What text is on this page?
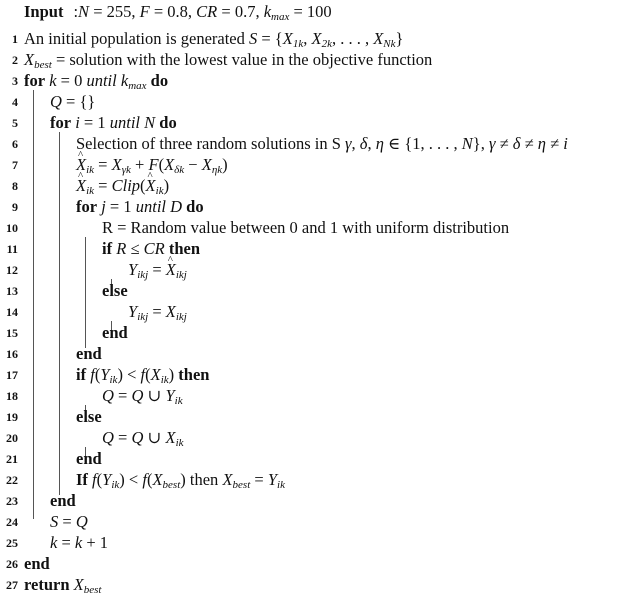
Input :N = 255, F = 0.8, CR = 0.7, $k_{max} = 100$
1 An initial population is generated $S = \{X_{1k}$, $X_{2k}$, . . . , $X_{Nk}$}
2 $X_{best}$ = solution with the lowest value in the objective function
3 for k = 0 until $k_{max}$ do
4 Q = {}
5 for i = 1 until N do
6	Selection of three random solutions in S γ, δ, η ∈ {1, . . . , N}, γ ≠ δ ≠ η ≠ i
7	^ $X_{ik} = X_{\gamma k} + F(X_{\delta k} - X_{\eta k})$
8	^ $X_{ik}$ = Clip(^ $X_{ik}$)
9	for j = 1 until D do
10	R = Random value between 0 and 1 with uniform distribution
11	if R ≤ CR then
12	$Y_{ikj}$ = ^ $X_{ikj}$
13	else
14	$Y_{ikj} = X_{ikj}$
15	end
16	end
17	if $f(Y_{ik}) < f(X_{ik})$ then
18	Q = Q ∪ $Y_{ik}$
19	else
20	Q = Q ∪ $X_{ik}$
21	end
22	If $f(Y_{ik}) < f(X_{best})$ then $X_{best} = Y_{ik}$
23 end
24 S = Q
25 k = k + 1
26 end
27 return $X_{best}$
